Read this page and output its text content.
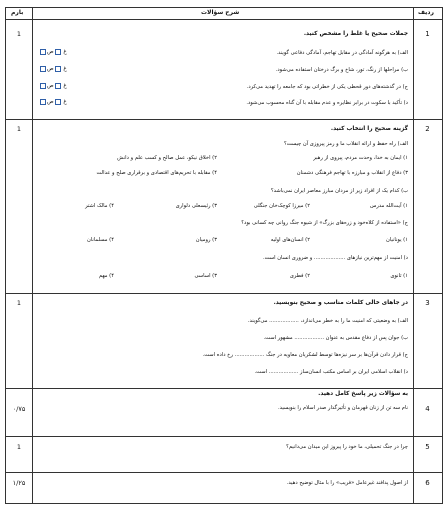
بارم	شرح سؤالات	ردیف
1
1	جملات صحیح یا غلط را مشخص کنید.
الف) به هرگونه آمادگی در مقابل تهاجم، آمادگی دفاعی گویند.
ب) مراحلها از رنگ، تور، شاخ و برگ درختان استفاده می‌شود.
ج) در گذشته‌های دور قحطی یکی از خطراتی بود که جامعه را تهدید می‌کرد.
د) تأکید با سکوت در برابر نظایره و عدم مقابله با آن گناه محسوب می‌شود.
غ ص
غ ص
غ ص
غ ص
2
1	گزینه صحیح را انتخاب کنید.
الف) راه حفظ و ارائه انقلاب ما و رمز پیروزی آن چیست؟
۱) ایمان به خدا، وحدت مردم، پیروی از رهبر
۲) اخلاق نیکو، عمل صالح و کسب علم و دانش
۳) دفاع از انقلاب و مبارزه با تهاجم فرهنگی دشمنان
۴) مقابله با تحریم‌های اقتصادی و برقراری صلح و عدالت
ب) کدام یک از افراد زیر از مردان مبارز معاصر ایران نمی‌باشد؟
۱) آیت‌الله مدرس
۲) میرزا کوچک‌خان جنگلی
۳) رئیسعلی دلواری
۴) مالک اشتر
ج) «استفاده از کلاه‌خود و زره‌های بزرگ» از شیوه جنگ روانی چه کسانی بود؟
۱) یونانیان
۲) انسان‌های اولیه
۳) رومیان
۴) مسلمانان
د) امنیت از مهم‌ترین نیازهای ................... و ضروری انسان است.
۱) ثانوی
۲) فطری
۳) اساسی
۴) مهم
3
1	در جاهای خالی کلمات مناسب و صحیح بنویسید.
الف) به وضعیتی که امنیت ما را به خطر می‌اندازد، .................. می‌گویند.
ب) جوان پس از دفاع مقدس به عنوان .................. مشهور است.
ج) قرار دادن قرآن‌ها بر سر نیزه‌ها توسط لشکریان معاویه در جنگ .................. رخ داده است.
د) انقلاب اسلامی ایران بر اساس مکتب انسان‌ساز .................. است.
4
۰/۷۵
به سؤالات زیر پاسخ کامل دهید.
نام سه تن از زنان قهرمان و تأثیرگذار صدر اسلام را بنویسید.
5
1	چرا در جنگ تحمیلی، ما خود را پیروز این میدان می‌دانیم؟
6
۱/۲۵	از اصول پدافند غیرعامل «فریب» را با مثال توضیح دهید.
